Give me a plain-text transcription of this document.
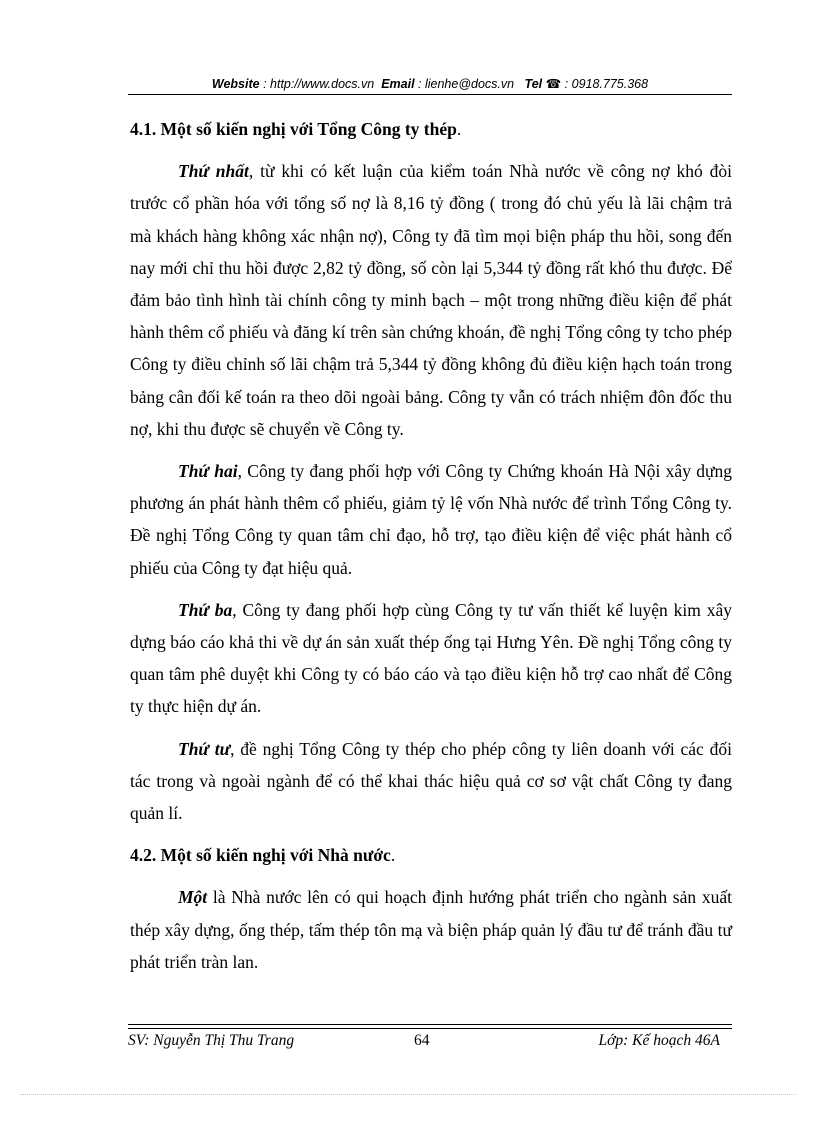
Website : http://www.docs.vn Email : lienhe@docs.vn Tel ☎ : 0918.775.368
4.1. Một số kiến nghị với Tổng Công ty thép.

Thứ nhất, từ khi có kết luận của kiểm toán Nhà nước về công nợ khó đòi trước cổ phần hóa với tổng số nợ là 8,16 tỷ đồng ( trong đó chủ yếu là lãi chậm trả mà khách hàng không xác nhận nợ), Công ty đã tìm mọi biện pháp thu hồi, song đến nay mới chỉ thu hồi được 2,82 tỷ đồng, số còn lại 5,344 tỷ đồng rất khó thu được. Để đảm bảo tình hình tài chính công ty minh bạch – một trong những điều kiện để phát hành thêm cổ phiếu và đăng kí trên sàn chứng khoán, đề nghị Tổng công ty tcho phép Công ty điều chỉnh số lãi chậm trả 5,344 tỷ đồng không đủ điều kiện hạch toán trong bảng cân đối kế toán ra theo dõi ngoài bảng. Công ty vẫn có trách nhiệm đôn đốc thu nợ, khi thu được sẽ chuyển về Công ty.

Thứ hai, Công ty đang phối hợp với Công ty Chứng khoán Hà Nội xây dựng phương án phát hành thêm cổ phiếu, giảm tỷ lệ vốn Nhà nước để trình Tổng Công ty. Đề nghị Tổng Công ty quan tâm chỉ đạo, hỗ trợ, tạo điều kiện để việc phát hành cổ phiếu của Công ty đạt hiệu quả.

Thứ ba, Công ty đang phối hợp cùng Công ty tư vấn thiết kế luyện kim xây dựng báo cáo khả thi về dự án sản xuất thép ống tại Hưng Yên. Đề nghị Tổng công ty quan tâm phê duyệt khi Công ty có báo cáo và tạo điều kiện hỗ trợ cao nhất để Công ty thực hiện dự án.

Thứ tư, đề nghị Tổng Công ty thép cho phép công ty liên doanh với các đối tác trong và ngoài ngành để có thể khai thác hiệu quả cơ sơ vật chất Công ty đang quản lí.

4.2. Một số kiến nghị với Nhà nước.

Một là Nhà nước lên có qui hoạch định hướng phát triển cho ngành sản xuất thép xây dựng, ống thép, tấm thép tôn mạ và biện pháp quản lý đầu tư để tránh đầu tư phát triển tràn lan.

SV: Nguyễn Thị Thu Trang	64	Lớp: Kế hoạch 46A
